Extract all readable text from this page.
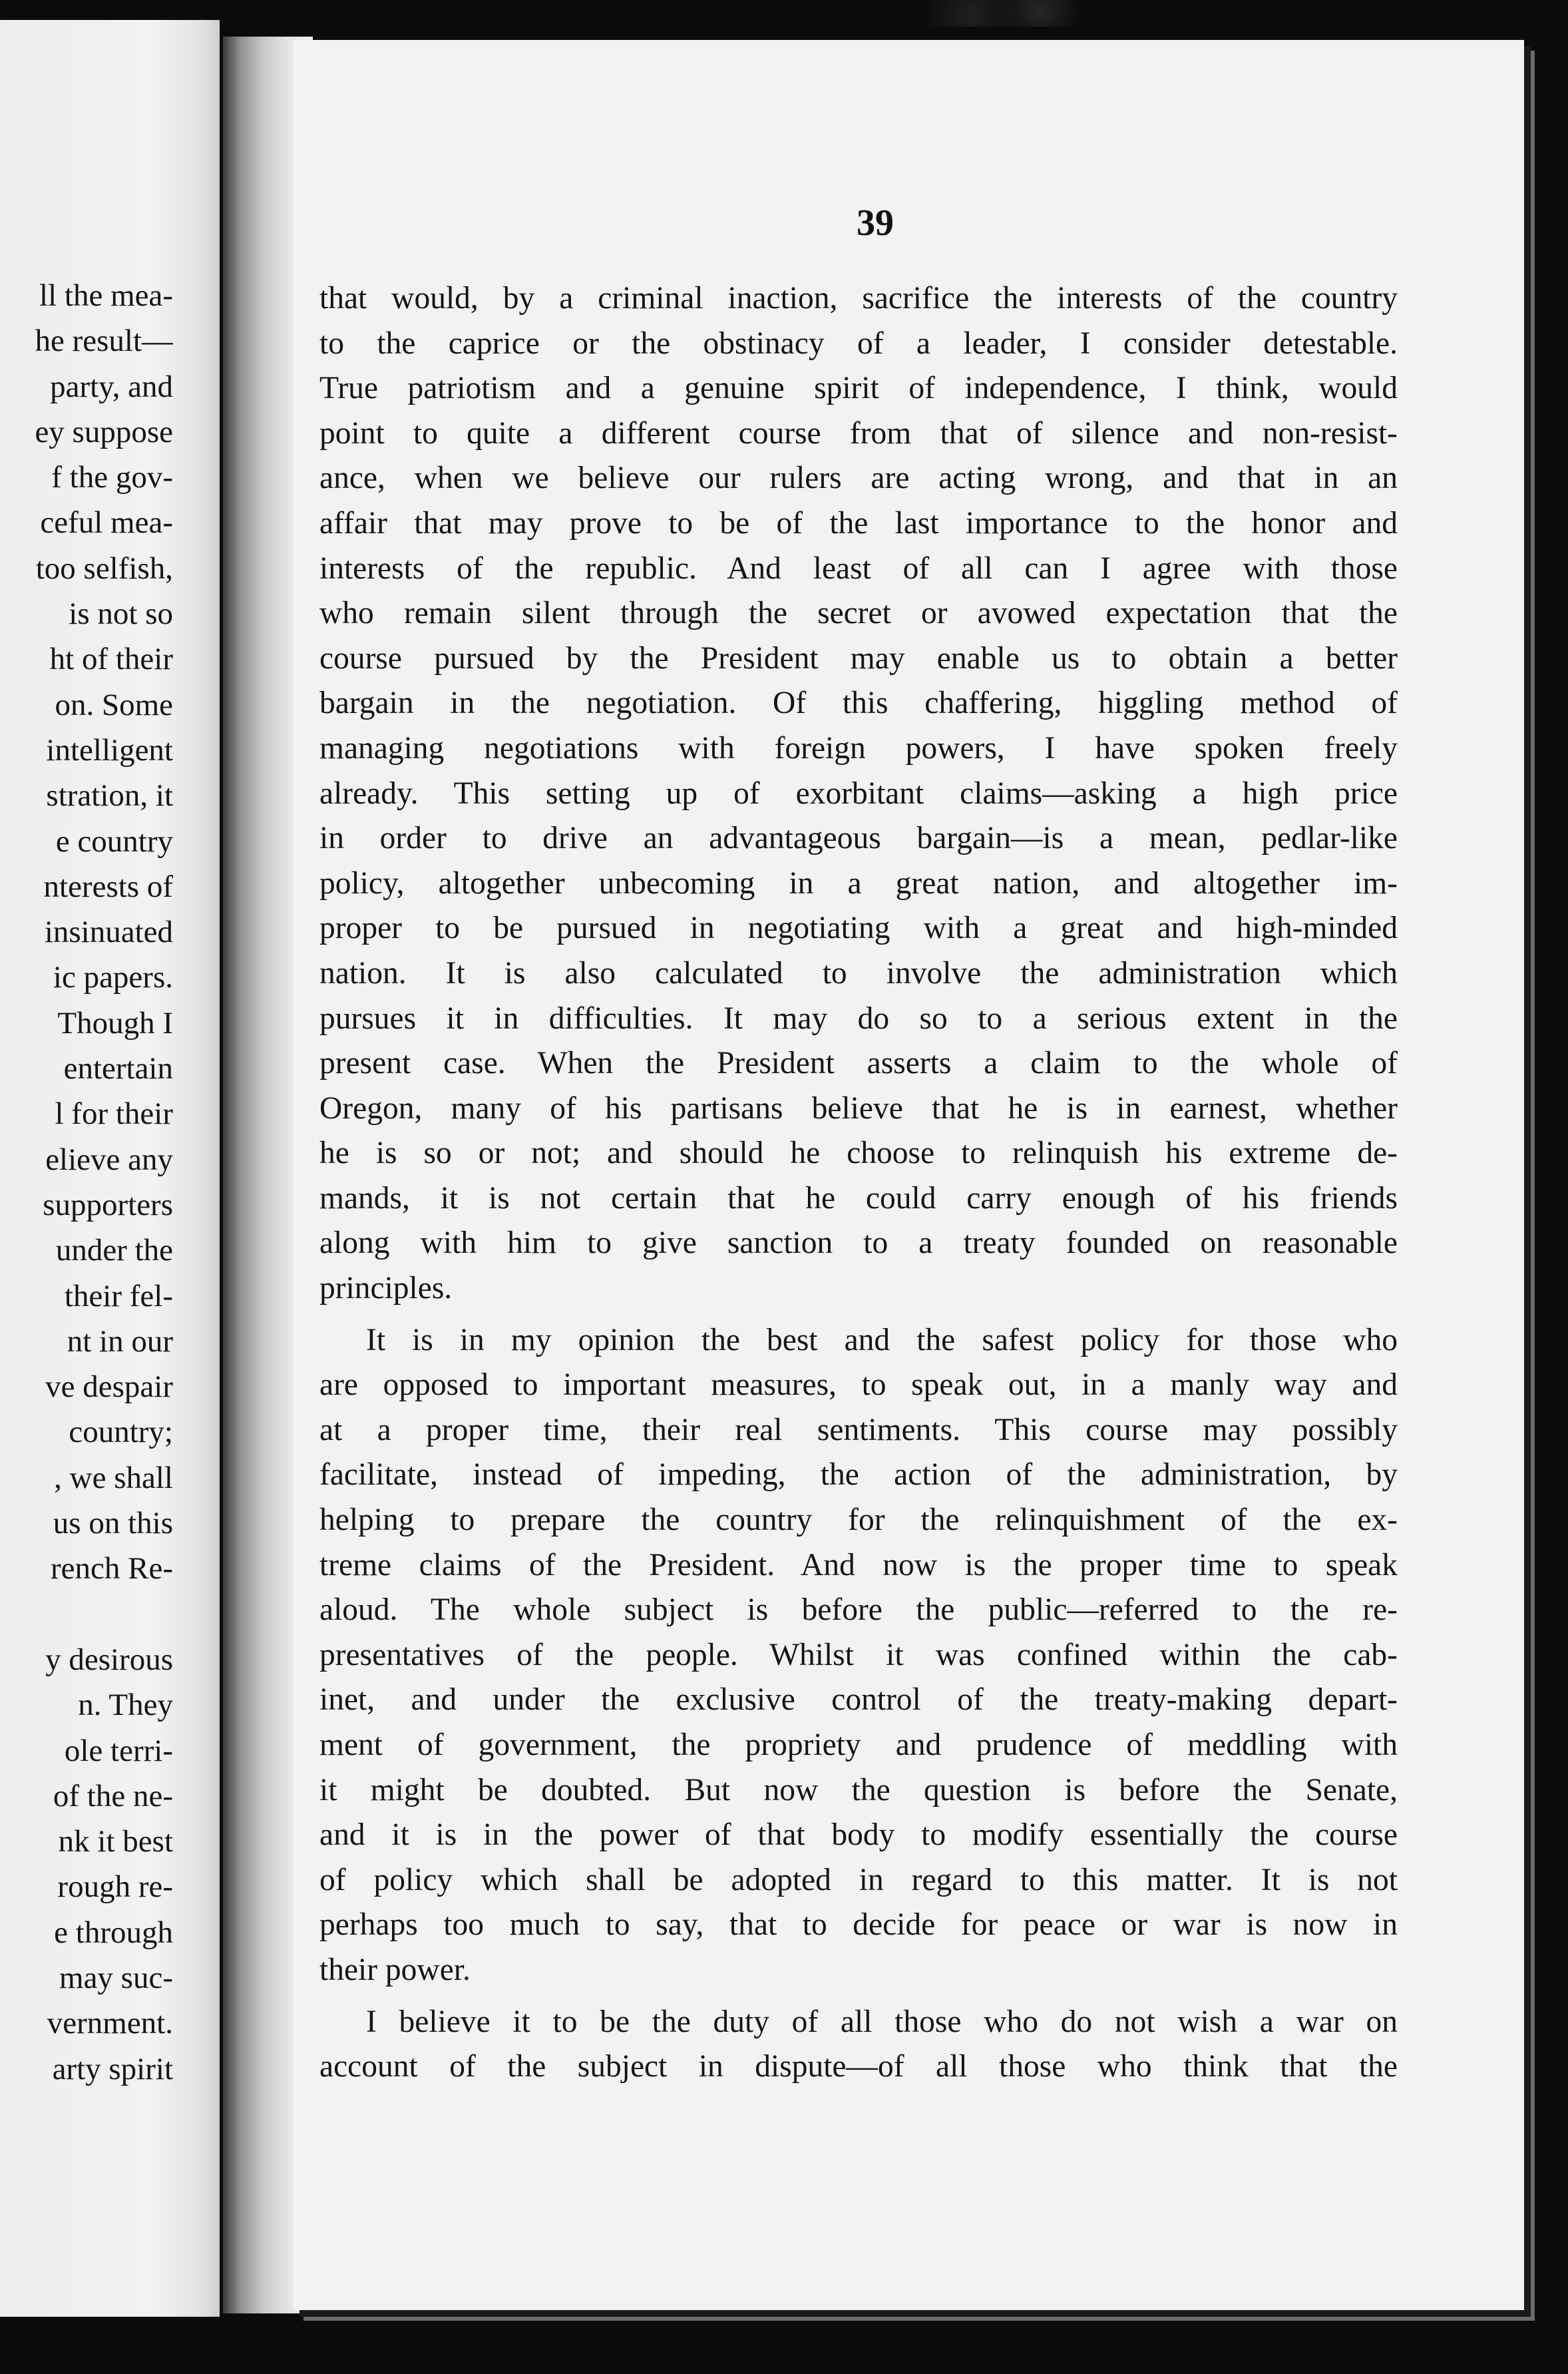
ll the mea-
he result—
party, and
ey suppose
f the gov-
ceful mea-
too selfish,
is not so
ht of their
on. Some
intelligent
stration, it
e country
nterests of
insinuated
ic papers.
Though I
entertain
l for their
elieve any
supporters
under the
their fel-
nt in our
ve despair
country;
, we shall
us on this
rench Re-
y desirous
n. They
ole terri-
of the ne-
nk it best
rough re-
e through
may suc-
vernment.
arty spirit

39

that would, by a criminal inaction, sacrifice the interests of the country
to the caprice or the obstinacy of a leader, I consider detestable.
True patriotism and a genuine spirit of independence, I think, would
point to quite a different course from that of silence and non-resist-
ance, when we believe our rulers are acting wrong, and that in an
affair that may prove to be of the last importance to the honor and
interests of the republic. And least of all can I agree with those
who remain silent through the secret or avowed expectation that the
course pursued by the President may enable us to obtain a better
bargain in the negotiation. Of this chaffering, higgling method of
managing negotiations with foreign powers, I have spoken freely
already. This setting up of exorbitant claims—asking a high price
in order to drive an advantageous bargain—is a mean, pedlar-like
policy, altogether unbecoming in a great nation, and altogether im-
proper to be pursued in negotiating with a great and high-minded
nation. It is also calculated to involve the administration which
pursues it in difficulties. It may do so to a serious extent in the
present case. When the President asserts a claim to the whole of
Oregon, many of his partisans believe that he is in earnest, whether
he is so or not; and should he choose to relinquish his extreme de-
mands, it is not certain that he could carry enough of his friends
along with him to give sanction to a treaty founded on reasonable
principles.
It is in my opinion the best and the safest policy for those who
are opposed to important measures, to speak out, in a manly way and
at a proper time, their real sentiments. This course may possibly
facilitate, instead of impeding, the action of the administration, by
helping to prepare the country for the relinquishment of the ex-
treme claims of the President. And now is the proper time to speak
aloud. The whole subject is before the public—referred to the re-
presentatives of the people. Whilst it was confined within the cab-
inet, and under the exclusive control of the treaty-making depart-
ment of government, the propriety and prudence of meddling with
it might be doubted. But now the question is before the Senate,
and it is in the power of that body to modify essentially the course
of policy which shall be adopted in regard to this matter. It is not
perhaps too much to say, that to decide for peace or war is now in
their power.
I believe it to be the duty of all those who do not wish a war on
account of the subject in dispute—of all those who think that the
